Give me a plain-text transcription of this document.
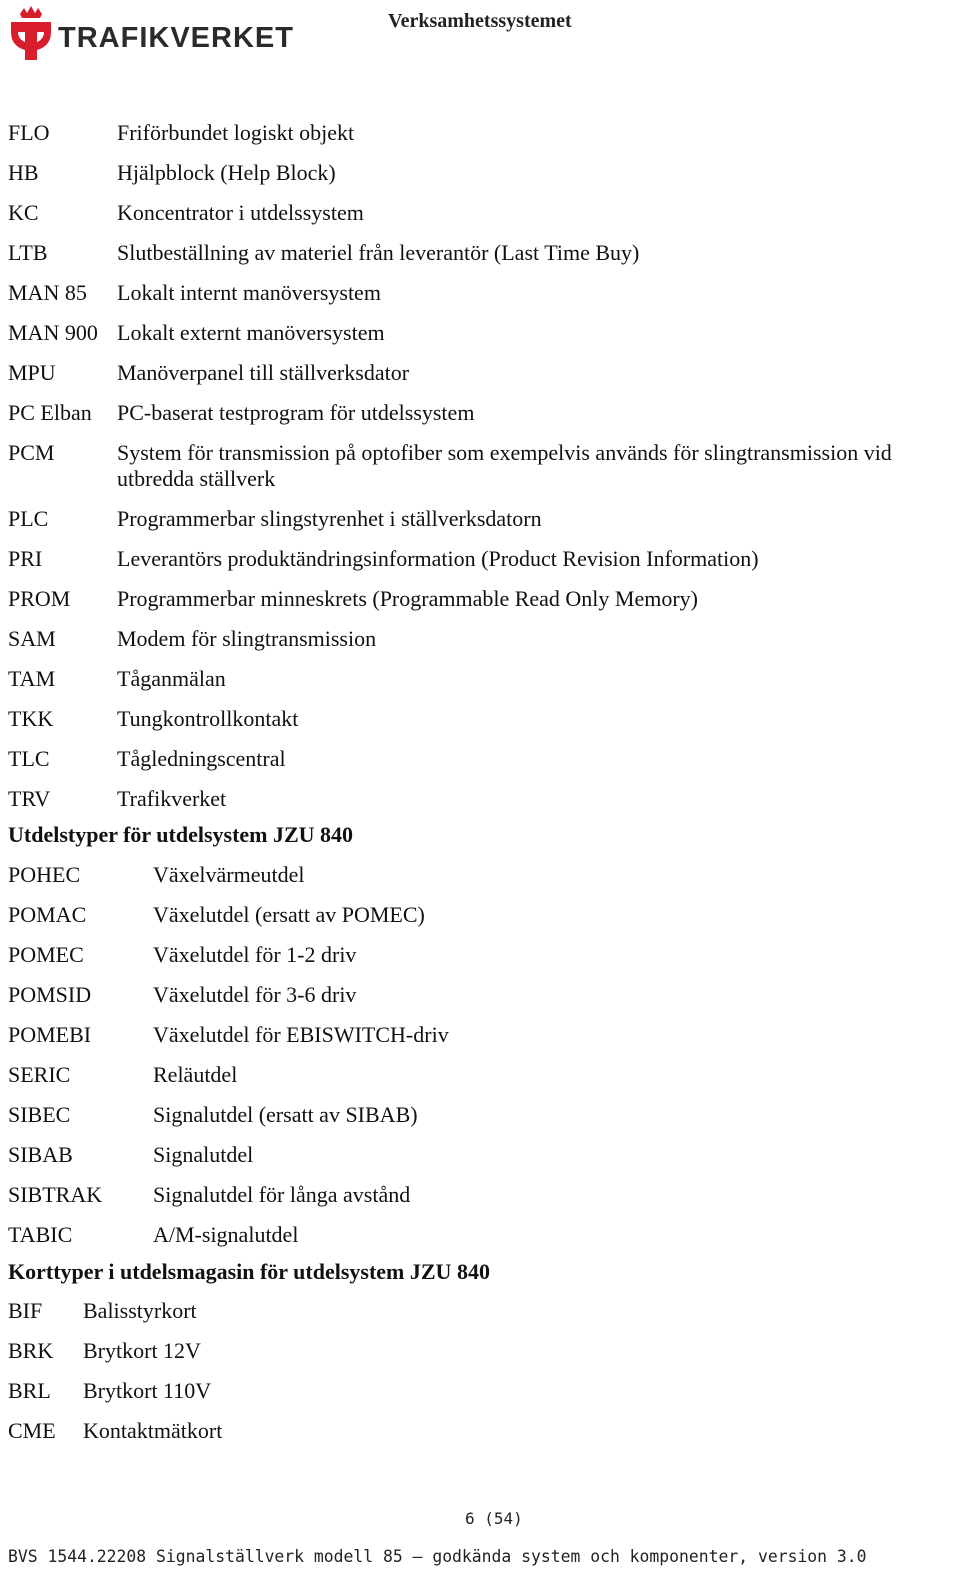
TRAFIKVERKET
Verksamhetssystemet
FLO	Friförbundet logiskt objekt
HB	Hjälpblock (Help Block)
KC	Koncentrator i utdelssystem
LTB	Slutbeställning av materiel från leverantör (Last Time Buy)
MAN 85 Lokalt internt manöversystem
MAN 900 Lokalt externt manöversystem
MPU	Manöverpanel till ställverksdator
PC Elban PC-baserat testprogram för utdelssystem
PCM	System för transmission på optofiber som exempelvis används för slingtransmission vid utbredda ställverk
PLC	Programmerbar slingstyrenhet i ställverksdatorn
PRI	Leverantörs produktändringsinformation (Product Revision Information)
PROM Programmerbar minneskrets (Programmable Read Only Memory)
SAM	Modem för slingtransmission
TAM	Tåganmälan
TKK	Tungkontrollkontakt
TLC	Tågledningscentral
TRV	Trafikverket
Utdelstyper för utdelsystem JZU 840
POHEC	Växelvärmeutdel
POMAC	Växelutdel (ersatt av POMEC)
POMEC	Växelutdel för 1-2 driv
POMSID	Växelutdel för 3-6 driv
POMEBI	Växelutdel för EBISWITCH-driv
SERIC	Reläutdel
SIBEC	Signalutdel (ersatt av SIBAB)
SIBAB	Signalutdel
SIBTRAK Signalutdel för långa avstånd
TABIC	A/M-signalutdel
Korttyper i utdelsmagasin för utdelsystem JZU 840
BIF Balisstyrkort
BRK Brytkort 12V
BRL Brytkort 110V
CME Kontaktmätkort
6 (54)
BVS 1544.22208 Signalställverk modell 85 – godkända system och komponenter, version 3.0
